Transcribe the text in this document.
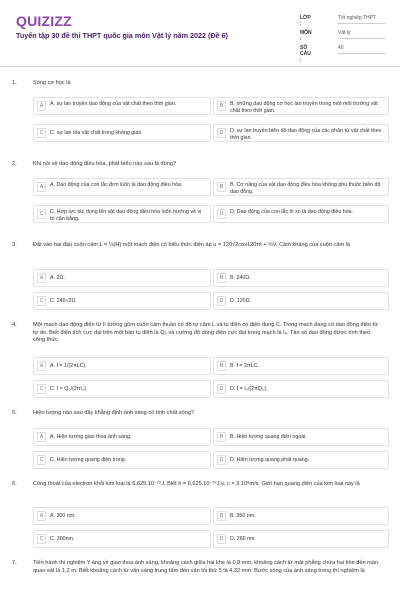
QUIZIZZ
Tuyển tập 30 đề thi THPT quốc gia môn Vật lý năm 2022 (Đề 6)
LỚP :
Tốt nghiệp THPT
MÔN :
Vật lý
SỐ CÂU :
40
1.	Sóng cơ học là
A	A. sự lan truyền dao động của vật chất theo thời gian.	B	B. những dao động cơ học lan truyền trong một môi trường vật chất theo thời gian.
C	C. sự lan tỏa vật chất trong không gian.	D	D. sự lan truyền biên độ dao động của các phân tử vật chất theo thời gian.
2.	Khi nói về dao động điều hòa, phát biểu nào sau là đúng?
A	A. Dao động của con lắc đơn luôn là dao động điều hòa.	B	B. Cơ năng của vật dao động điều hòa không phụ thuộc biên độ dao động.
C	C. Hợp lực tác dụng lên vật dao động điều hòa luôn hướng về vị trí cân bằng.
D	D. Dao động của con lắc lò xo là dao động điều hòa.
3.	Đặt vào hai đầu cuộn cảm L = ⅓(H) một mạch điện có biểu thức điện áp u = 120√2cos120πt + ⅓V. Cảm kháng của cuộn cảm là
A	A. 2Ω.	B	B. 240Ω.
C	C. 240√2Ω.	D	D. 120Ω.
4.	Một mạch dao động điện từ lí tưởng gồm cuộn cảm thuần có độ tự cảm L và tụ điện có điện dung C. Trong mạch đang có dao động điện từ tự do. Biết điện tích cực đại trên một bản tụ điện là Q₀ và cường độ dòng điện cực đại trong mạch là I₀. Tần số dao động được tính theo công thức
A	A. f = 1/(2πLC).	B	B. f = 2πLC.
C	C. f = Q₀/(2πI₀).	D	D. f = I₀/(2πQ₀).
5.	Hiện tượng nào sau đây khẳng định ánh sáng có tính chất sóng?
A	A. Hiện tượng giao thoa ánh sáng.	B	B. Hiện tượng quang điện ngoài.
C	C. Hiện tượng quang điện trong.	D	D. Hiện tượng quang phát quang.
6.	Công thoát của electron khỏi kim loại là 6,625.10⁻¹⁹J. Biết h = 6,625.10⁻³⁴J.s; c = 3.10⁸m/s. Giới hạn quang điện của kim loại này là
A	A. 300 nm.	B	B. 350 nm.
C	C. 360nm.	D	D. 260 nm.
7.	Tiến hành thí nghiệm Y-âng về giao thoa ánh sáng, khoảng cách giữa hai khe là 0,8 mm, khoảng cách từ mặt phẳng chứa hai khe đến màn quan sát là 1,2 m. Biết khoảng cách từ vân sáng trung tâm đến vân tối thứ 5 là 4,32 mm. Bước sóng của ánh sáng trong thí nghiệm là
